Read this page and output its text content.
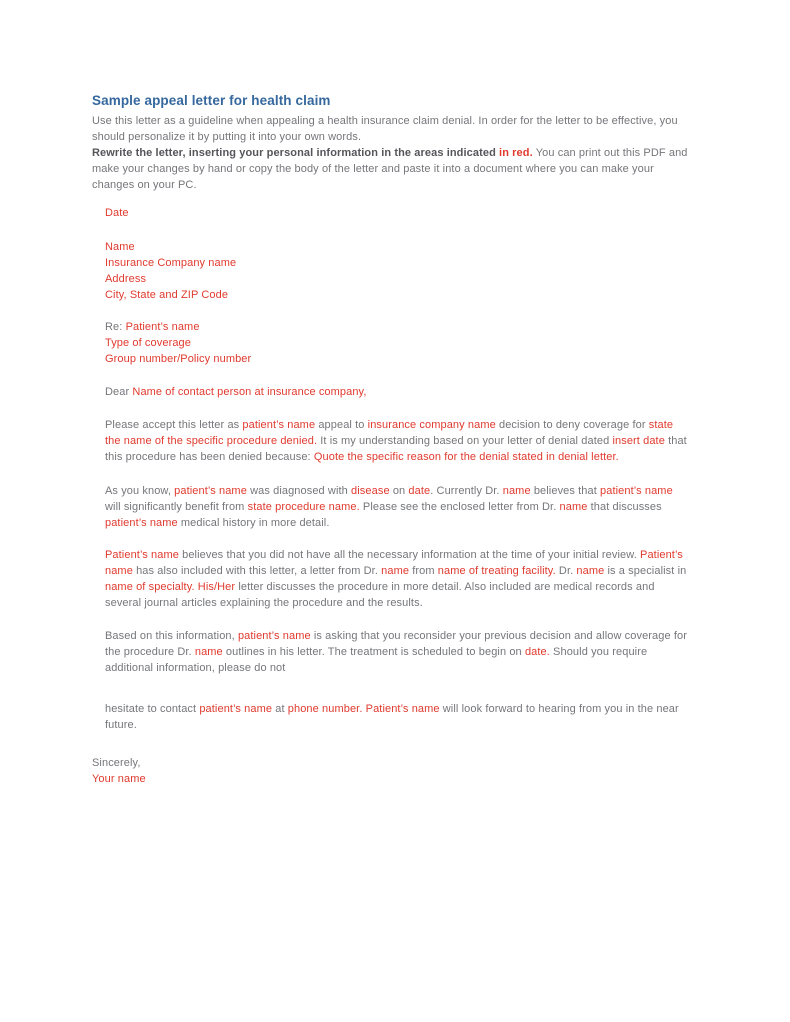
Sample appeal letter for health claim
Use this letter as a guideline when appealing a health insurance claim denial. In order for the letter to be effective, you should personalize it by putting it into your own words.
Rewrite the letter, inserting your personal information in the areas indicated in red. You can print out this PDF and make your changes by hand or copy the body of the letter and paste it into a document where you can make your changes on your PC.
Date
Name
Insurance Company name
Address
City, State and ZIP Code
Re: Patient’s name
Type of coverage
Group number/Policy number
Dear Name of contact person at insurance company,
Please accept this letter as patient’s name appeal to insurance company name decision to deny coverage for state the name of the specific procedure denied. It is my understanding based on your letter of denial dated insert date that this procedure has been denied because: Quote the specific reason for the denial stated in denial letter.
As you know, patient’s name was diagnosed with disease on date. Currently Dr. name believes that patient’s name will significantly benefit from state procedure name. Please see the enclosed letter from Dr. name that discusses patient’s name medical history in more detail.
Patient’s name believes that you did not have all the necessary information at the time of your initial review. Patient’s name has also included with this letter, a letter from Dr. name from name of treating facility. Dr. name is a specialist in name of specialty. His/Her letter discusses the procedure in more detail. Also included are medical records and several journal articles explaining the procedure and the results.
Based on this information, patient’s name is asking that you reconsider your previous decision and allow coverage for the procedure Dr. name outlines in his letter. The treatment is scheduled to begin on date. Should you require additional information, please do not
hesitate to contact patient’s name at phone number. Patient’s name will look forward to hearing from you in the near future.
Sincerely,
Your name
